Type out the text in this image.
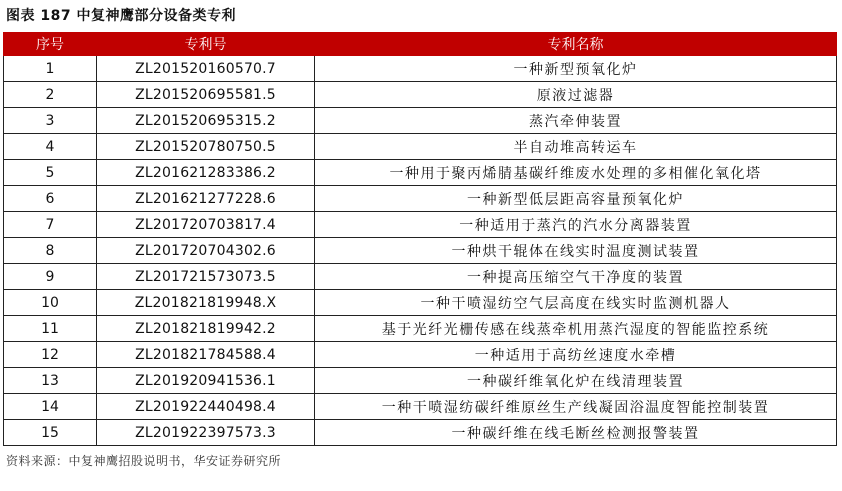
图表 187 中复神鹰部分设备类专利
序号	专利号	专利名称
1	ZL201520160570.7	一种新型预氧化炉
2	ZL201520695581.5	原液过滤器
3	ZL201520695315.2	蒸汽牵伸装置
4	ZL201520780750.5	半自动堆高转运车
5	ZL201621283386.2	一种用于聚丙烯腈基碳纤维废水处理的多相催化氧化塔
6	ZL201621277228.6	一种新型低层距高容量预氧化炉
7	ZL201720703817.4	一种适用于蒸汽的汽水分离器装置
8	ZL201720704302.6	一种烘干辊体在线实时温度测试装置
9	ZL201721573073.5	一种提高压缩空气干净度的装置
10	ZL201821819948.X	一种干喷湿纺空气层高度在线实时监测机器人
11	ZL201821819942.2	基于光纤光栅传感在线蒸牵机用蒸汽湿度的智能监控系统
12	ZL201821784588.4	一种适用于高纺丝速度水牵槽
13	ZL201920941536.1	一种碳纤维氧化炉在线清理装置
14	ZL201922440498.4	一种干喷湿纺碳纤维原丝生产线凝固浴温度智能控制装置
15	ZL201922397573.3	一种碳纤维在线毛断丝检测报警装置
资料来源：中复神鹰招股说明书，华安证券研究所
